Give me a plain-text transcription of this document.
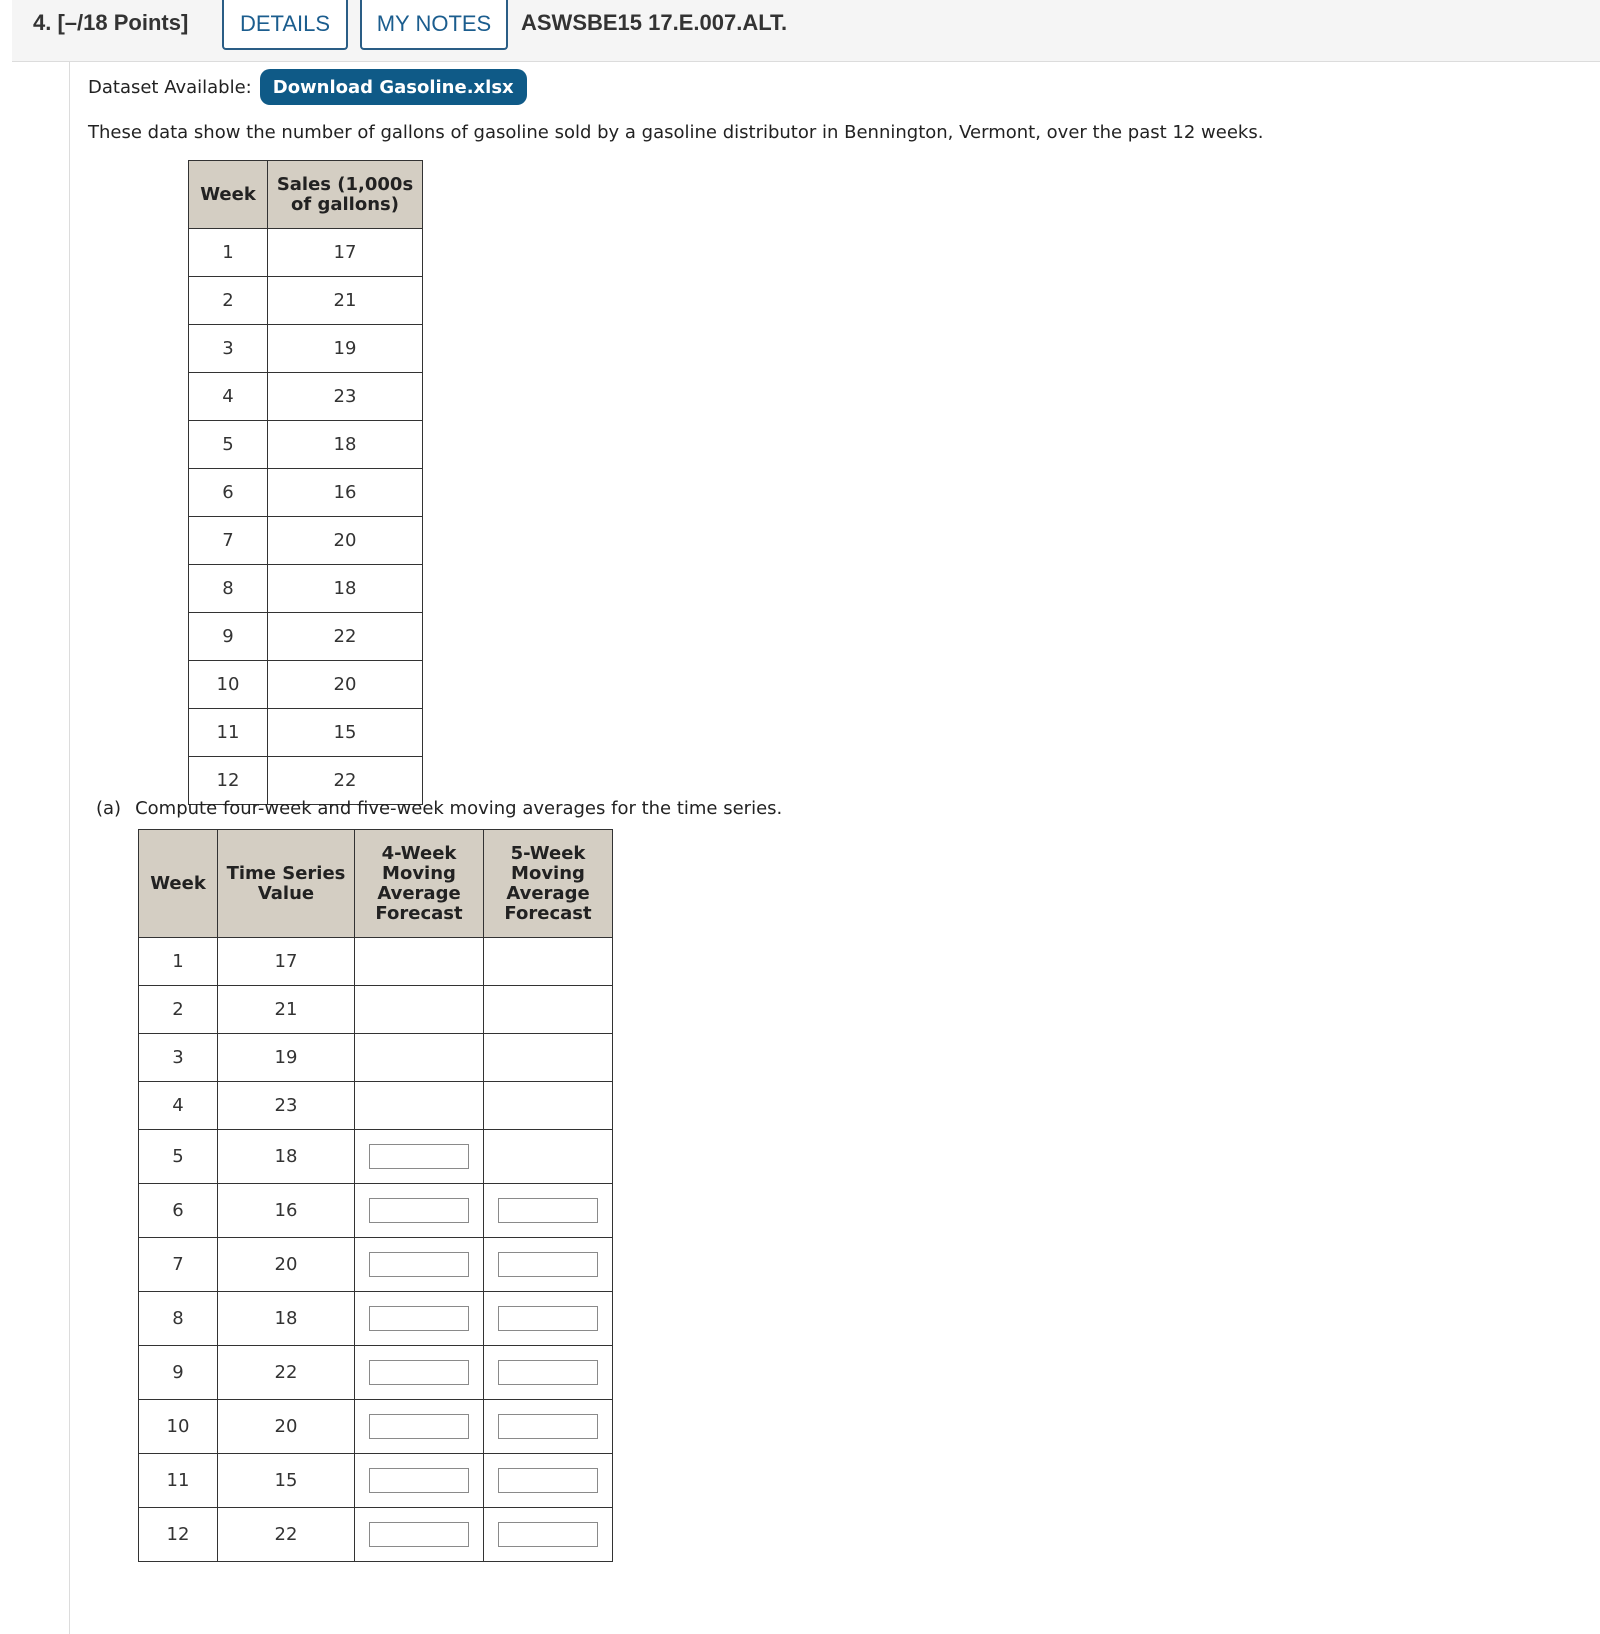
4. [–/18 Points]	DETAILS	MY NOTES	ASWSBE15 17.E.007.ALT.
Dataset Available:	Download Gasoline.xlsx
These data show the number of gallons of gasoline sold by a gasoline distributor in Bennington, Vermont, over the past 12 weeks.
Week	Sales (1,000s of gallons)
1	17
2	21
3	19
4	23
5	18
6	16
7	20
8	18
9	22
10	20
11	15
12	22
(a) Compute four-week and five-week moving averages for the time series.
Week	Time Series Value	4-Week Moving Average Forecast	5-Week Moving Average Forecast
1	17		
2	21		
3	19		
4	23		
5	18		
6	16		
7	20		
8	18		
9	22		
10	20		
11	15		
12	22		
